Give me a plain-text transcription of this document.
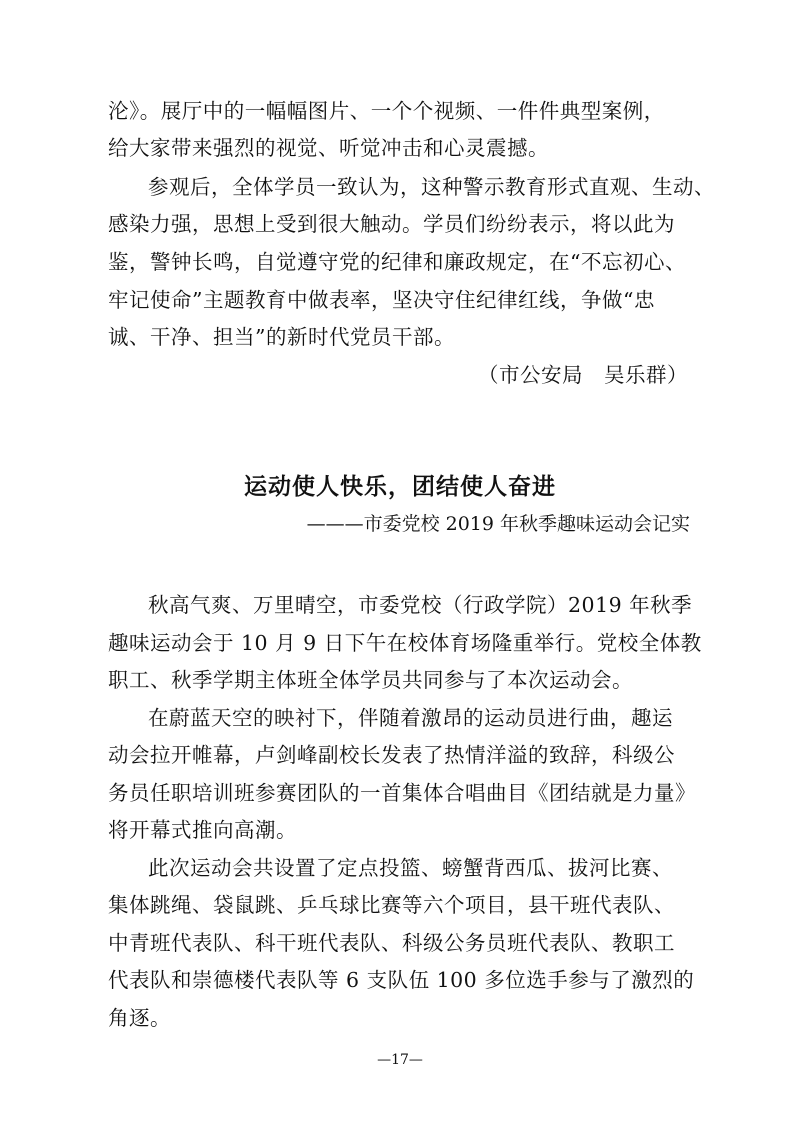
沦》。展厅中的一幅幅图片、一个个视频、一件件典型案例，
给大家带来强烈的视觉、听觉冲击和心灵震撼。
参观后，全体学员一致认为，这种警示教育形式直观、生动、
感染力强，思想上受到很大触动。学员们纷纷表示，将以此为
鉴，警钟长鸣，自觉遵守党的纪律和廉政规定，在“不忘初心、
牢记使命”主题教育中做表率，坚决守住纪律红线，争做“忠
诚、干净、担当”的新时代党员干部。
（市公安局　吴乐群）
运动使人快乐，团结使人奋进
———市委党校 2019 年秋季趣味运动会记实
秋高气爽、万里晴空，市委党校（行政学院）2019 年秋季
趣味运动会于 10 月 9 日下午在校体育场隆重举行。党校全体教
职工、秋季学期主体班全体学员共同参与了本次运动会。
在蔚蓝天空的映衬下，伴随着激昂的运动员进行曲，趣运
动会拉开帷幕，卢剑峰副校长发表了热情洋溢的致辞，科级公
务员任职培训班参赛团队的一首集体合唱曲目《团结就是力量》
将开幕式推向高潮。
此次运动会共设置了定点投篮、螃蟹背西瓜、拔河比赛、
集体跳绳、袋鼠跳、乒乓球比赛等六个项目，县干班代表队、
中青班代表队、科干班代表队、科级公务员班代表队、教职工
代表队和崇德楼代表队等 6 支队伍 100 多位选手参与了激烈的
角逐。
—17—
